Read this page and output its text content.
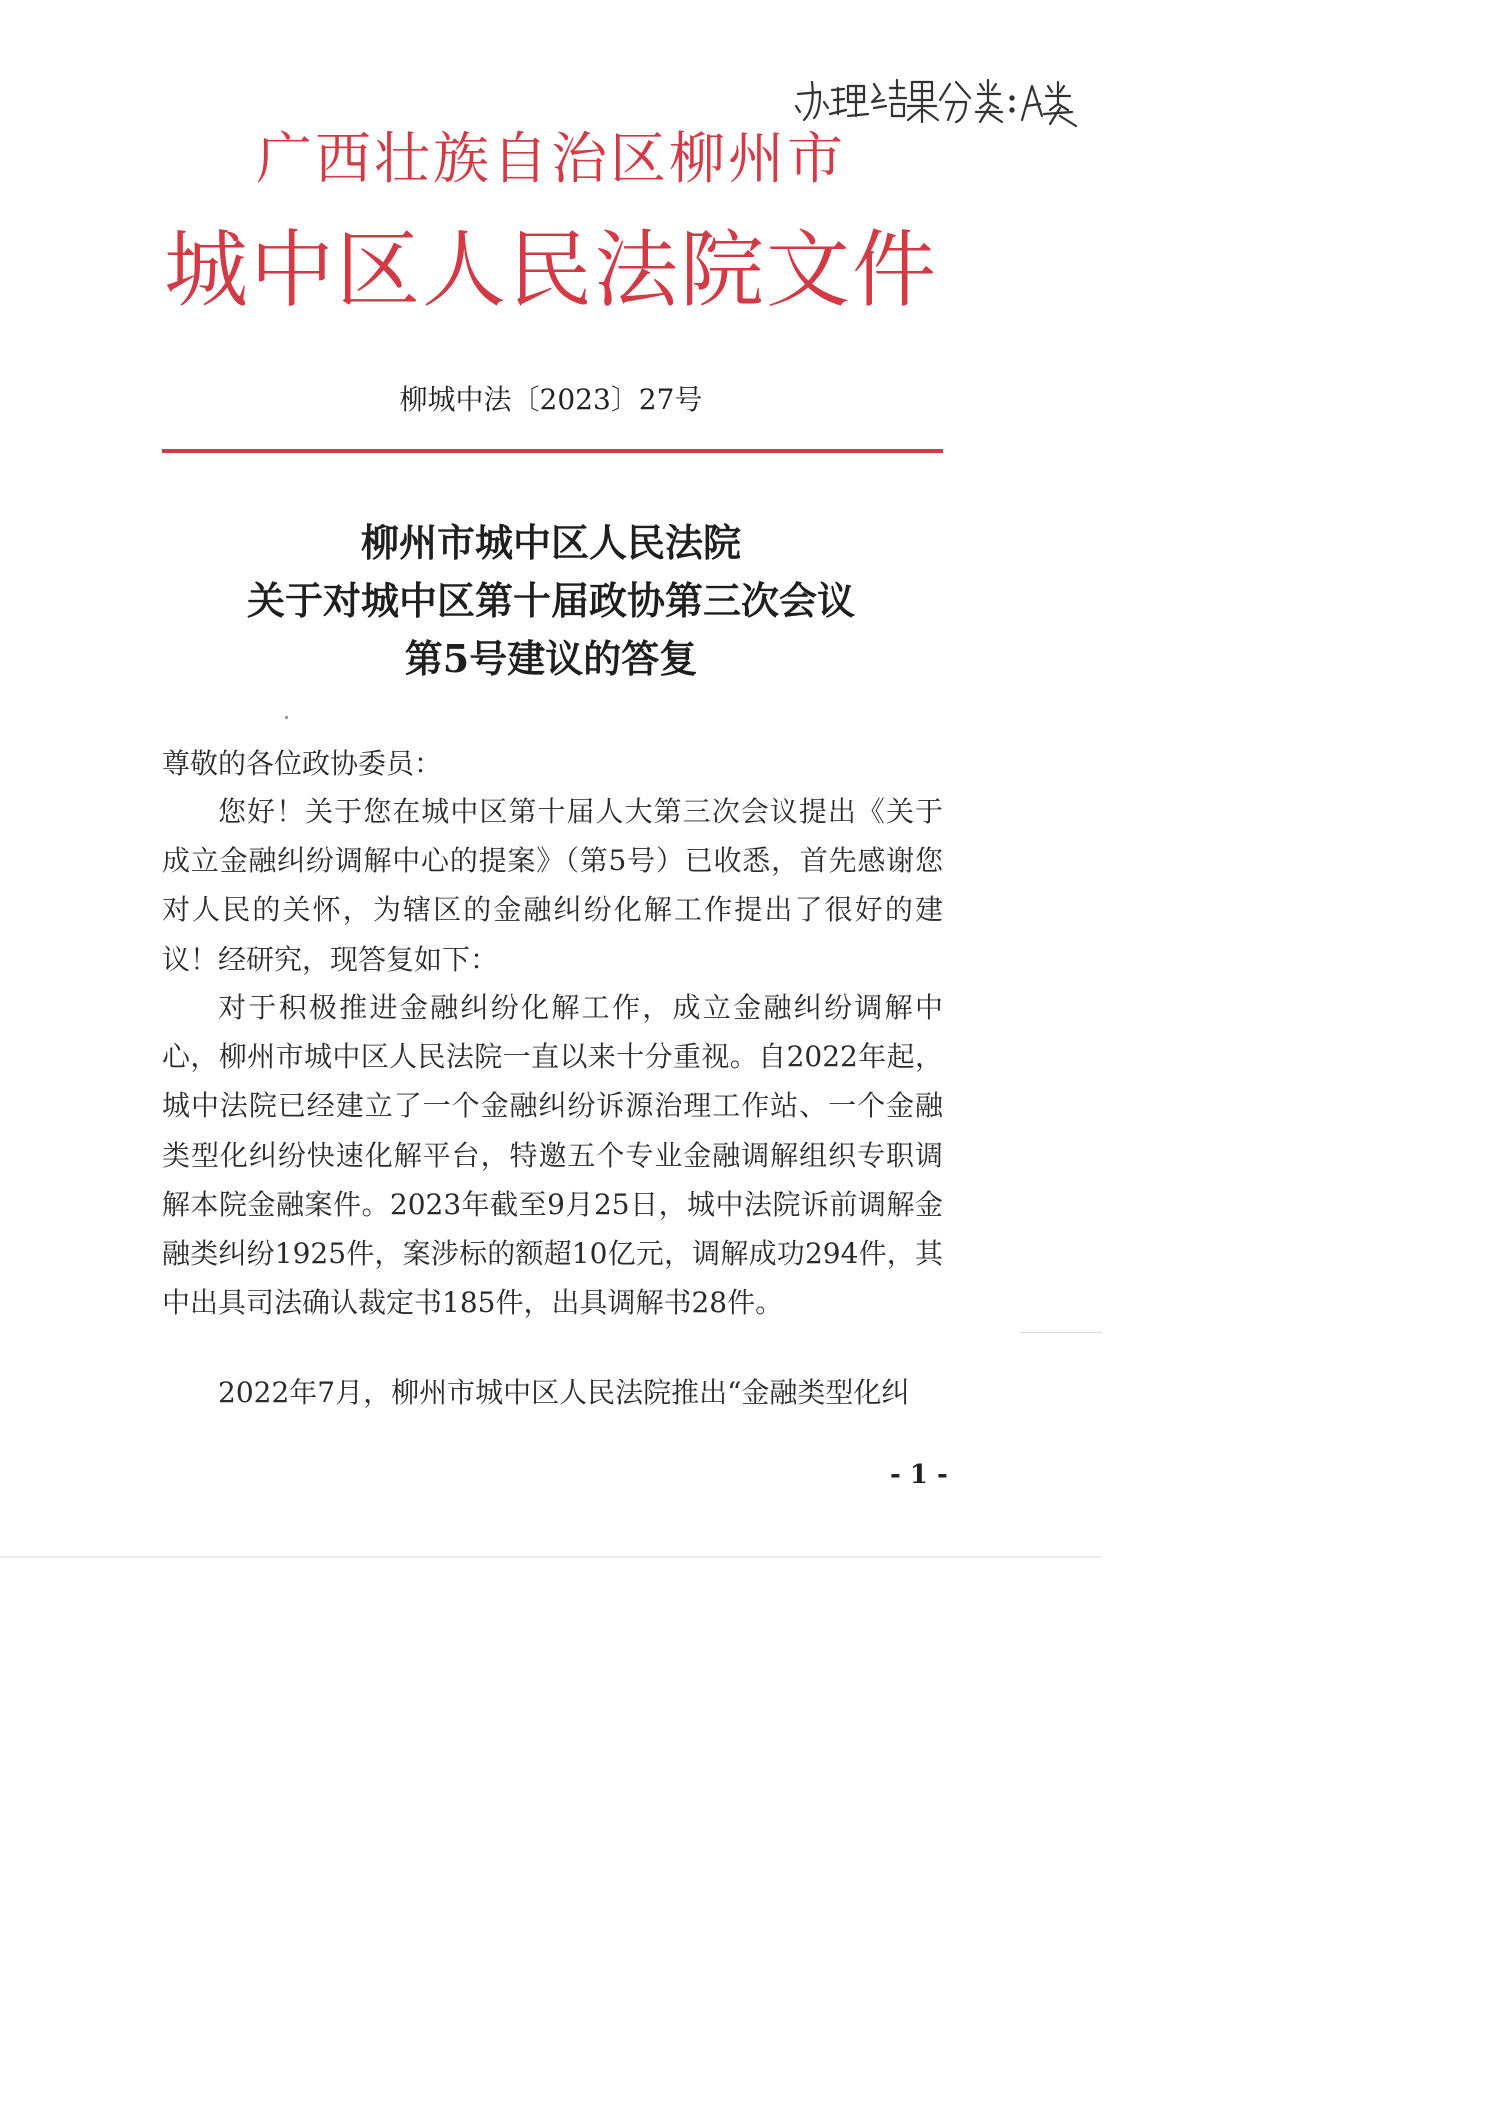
广西壮族自治区柳州市
城中区人民法院文件
柳城中法〔2023〕27号
柳州市城中区人民法院
关于对城中区第十届政协第三次会议
第5号建议的答复
尊敬的各位政协委员：
您好！关于您在城中区第十届人大第三次会议提出《关于成立金融纠纷调解中心的提案》（第5号）已收悉，首先感谢您对人民的关怀，为辖区的金融纠纷化解工作提出了很好的建议！经研究，现答复如下：
对于积极推进金融纠纷化解工作，成立金融纠纷调解中心，柳州市城中区人民法院一直以来十分重视。自2022年起，城中法院已经建立了一个金融纠纷诉源治理工作站、一个金融类型化纠纷快速化解平台，特邀五个专业金融调解组织专职调解本院金融案件。2023年截至9月25日，城中法院诉前调解金融类纠纷1925件，案涉标的额超10亿元，调解成功294件，其中出具司法确认裁定书185件，出具调解书28件。
2022年7月，柳州市城中区人民法院推出“金融类型化纠
- 1 -
